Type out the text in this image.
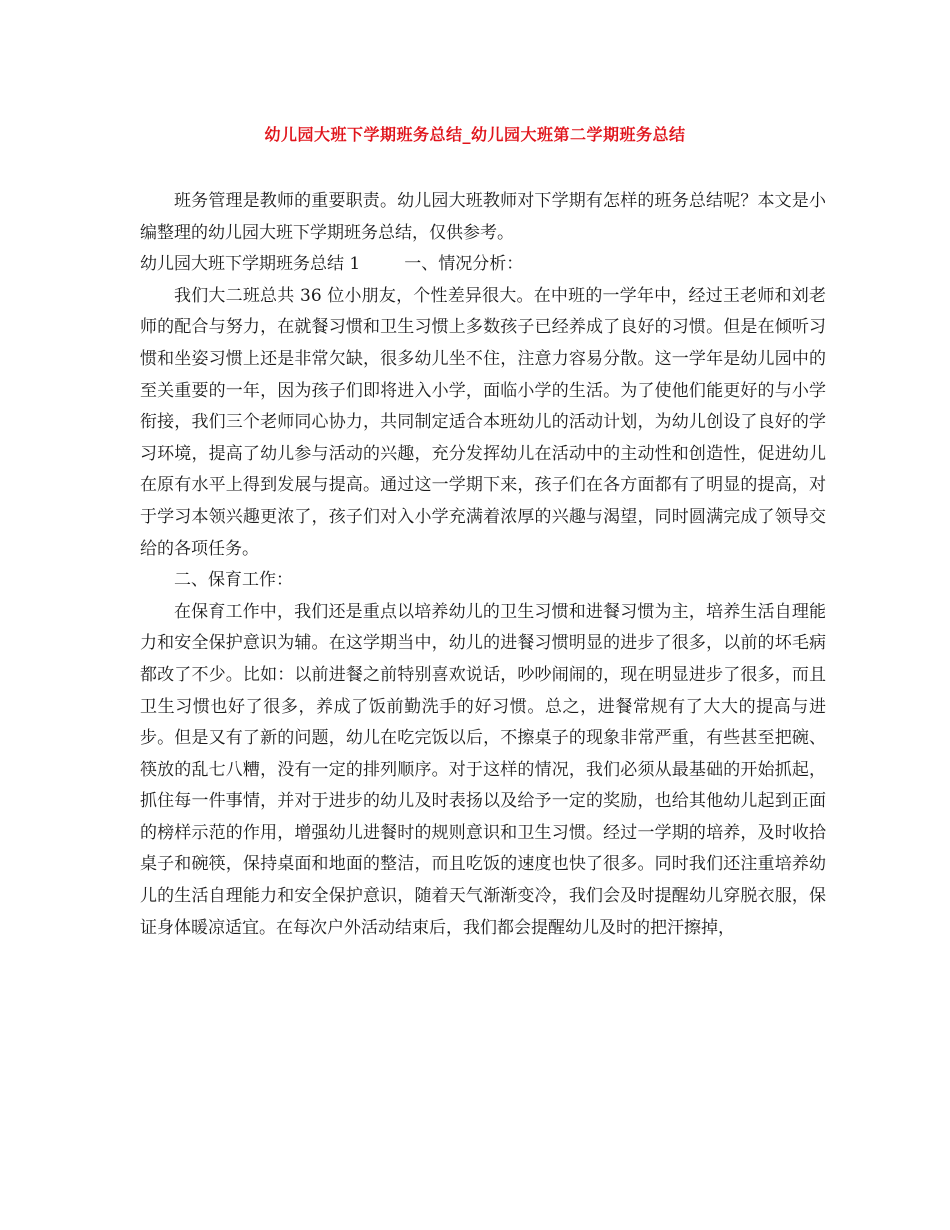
幼儿园大班下学期班务总结_幼儿园大班第二学期班务总结

班务管理是教师的重要职责。幼儿园大班教师对下学期有怎样的班务总结呢？本文是小编整理的幼儿园大班下学期班务总结，仅供参考。

幼儿园大班下学期班务总结 1	一、情况分析：

我们大二班总共 36 位小朋友，个性差异很大。在中班的一学年中，经过王老师和刘老师的配合与努力，在就餐习惯和卫生习惯上多数孩子已经养成了良好的习惯。但是在倾听习惯和坐姿习惯上还是非常欠缺，很多幼儿坐不住，注意力容易分散。这一学年是幼儿园中的至关重要的一年，因为孩子们即将进入小学，面临小学的生活。为了使他们能更好的与小学衔接，我们三个老师同心协力，共同制定适合本班幼儿的活动计划，为幼儿创设了良好的学习环境，提高了幼儿参与活动的兴趣，充分发挥幼儿在活动中的主动性和创造性，促进幼儿在原有水平上得到发展与提高。通过这一学期下来，孩子们在各方面都有了明显的提高，对于学习本领兴趣更浓了，孩子们对入小学充满着浓厚的兴趣与渴望，同时圆满完成了领导交给的各项任务。

二、保育工作：

在保育工作中，我们还是重点以培养幼儿的卫生习惯和进餐习惯为主，培养生活自理能力和安全保护意识为辅。在这学期当中，幼儿的进餐习惯明显的进步了很多，以前的坏毛病都改了不少。比如：以前进餐之前特别喜欢说话，吵吵闹闹的，现在明显进步了很多，而且卫生习惯也好了很多，养成了饭前勤洗手的好习惯。总之，进餐常规有了大大的提高与进步。但是又有了新的问题，幼儿在吃完饭以后，不擦桌子的现象非常严重，有些甚至把碗、筷放的乱七八糟，没有一定的排列顺序。对于这样的情况，我们必须从最基础的开始抓起，抓住每一件事情，并对于进步的幼儿及时表扬以及给予一定的奖励，也给其他幼儿起到正面的榜样示范的作用，增强幼儿进餐时的规则意识和卫生习惯。经过一学期的培养，及时收拾桌子和碗筷，保持桌面和地面的整洁，而且吃饭的速度也快了很多。同时我们还注重培养幼儿的生活自理能力和安全保护意识，随着天气渐渐变冷，我们会及时提醒幼儿穿脱衣服，保证身体暖凉适宜。在每次户外活动结束后，我们都会提醒幼儿及时的把汗擦掉，
